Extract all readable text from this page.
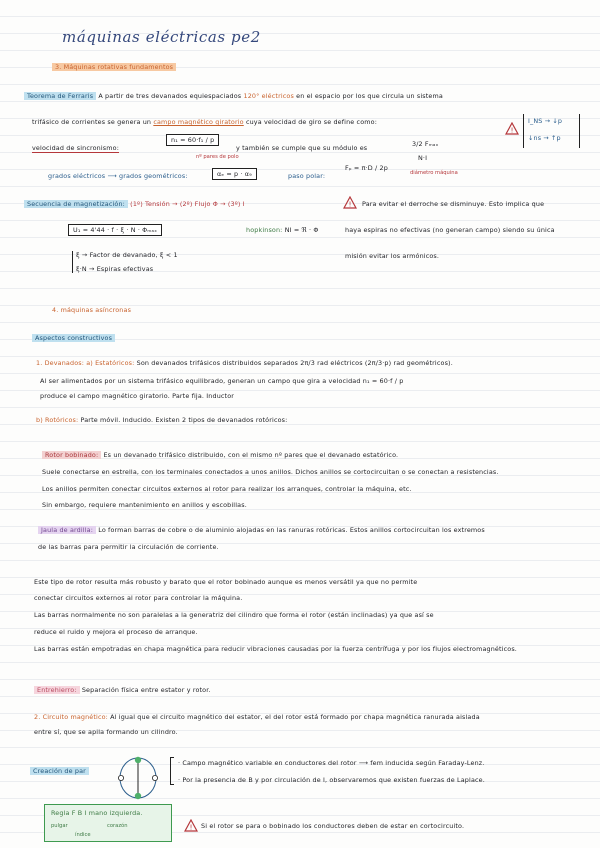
máquinas eléctricas pe2
3. Máquinas rotativas fundamentos
Teorema de Ferraris A partir de tres devanados equiespaciados 120° eléctricos en el espacio por los que circula un sistema
trifásico de corrientes se genera un campo magnético giratorio cuya velocidad de giro se define como:
velocidad de sincronismo:
n₁ = 60·f₁ / p
nº pares de polo
y también se cumple que su módulo es	3/2 Fₘₐₓ
N·I
!
I_NS → ↓p
↓ns → ↑p
grados eléctricos ⟶ grados geométricos:	αₑ = p · α₉	paso polar:
Fₚ = π·D / 2p
diámetro máquina
Secuencia de magnetización: (1º) Tensión → (2º) Flujo Φ → (3º) I	! Para evitar el derroche se disminuye. Esto implica que
haya espiras no efectivas (no generan campo) siendo su única
misión evitar los armónicos.
U₁ = 4'44 · f · ξ · N · Φₘₐₓ	hopkinson: NI = ℜ · Φ
ξ → Factor de devanado, ξ < 1
ξ·N → Espiras efectivas
4. máquinas asíncronas
Aspectos constructivos
1. Devanados: a) Estatóricos: Son devanados trifásicos distribuidos separados 2π/3 rad eléctricos (2π/3·p) rad geométricos).
Al ser alimentados por un sistema trifásico equilibrado, generan un campo que gira a velocidad n₁ = 60·f / p
produce el campo magnético giratorio. Parte fija. Inductor
b) Rotóricos: Parte móvil. Inducido. Existen 2 tipos de devanados rotóricos:
Rotor bobinado: Es un devanado trifásico distribuido, con el mismo nº pares que el devanado estatórico.
Suele conectarse en estrella, con los terminales conectados a unos anillos. Dichos anillos se cortocircuitan o se conectan a resistencias.
Los anillos permiten conectar circuitos externos al rotor para realizar los arranques, controlar la máquina, etc.
Sin embargo, requiere mantenimiento en anillos y escobillas.
Jaula de ardilla: Lo forman barras de cobre o de aluminio alojadas en las ranuras rotóricas. Estos anillos cortocircuitan los extremos
de las barras para permitir la circulación de corriente.
Este tipo de rotor resulta más robusto y barato que el rotor bobinado aunque es menos versátil ya que no permite
conectar circuitos externos al rotor para controlar la máquina.
Las barras normalmente no son paralelas a la generatriz del cilindro que forma el rotor (están inclinadas) ya que así se
reduce el ruido y mejora el proceso de arranque.
Las barras están empotradas en chapa magnética para reducir vibraciones causadas por la fuerza centrífuga y por los flujos electromagnéticos.
Entrehierro: Separación física entre estator y rotor.
2. Circuito magnético: Al igual que el circuito magnético del estator, el del rotor está formado por chapa magnética ranurada aislada
entre sí, que se apila formando un cilindro.
Creación de par
· Campo magnético variable en conductores del rotor ⟶ fem inducida según Faraday-Lenz.
· Por la presencia de B y por circulación de I, observaremos que existen fuerzas de Laplace.
Regla F B I mano izquierda.
pulgar
índice
corazón	! Si el rotor se para o bobinado los conductores deben de estar en cortocircuito.
